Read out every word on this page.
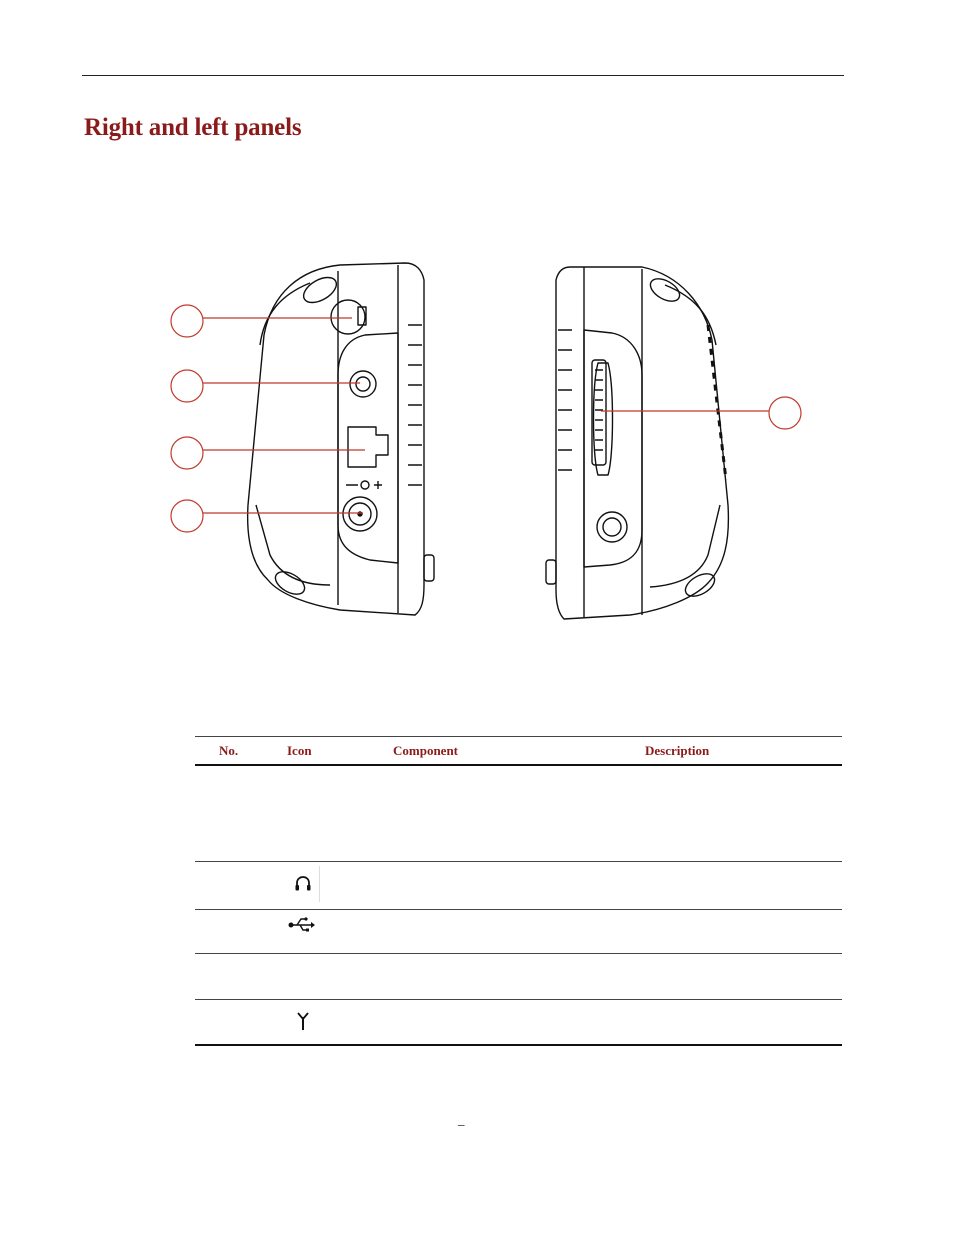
Right and left panels
No.	Icon	Component	Description
_
